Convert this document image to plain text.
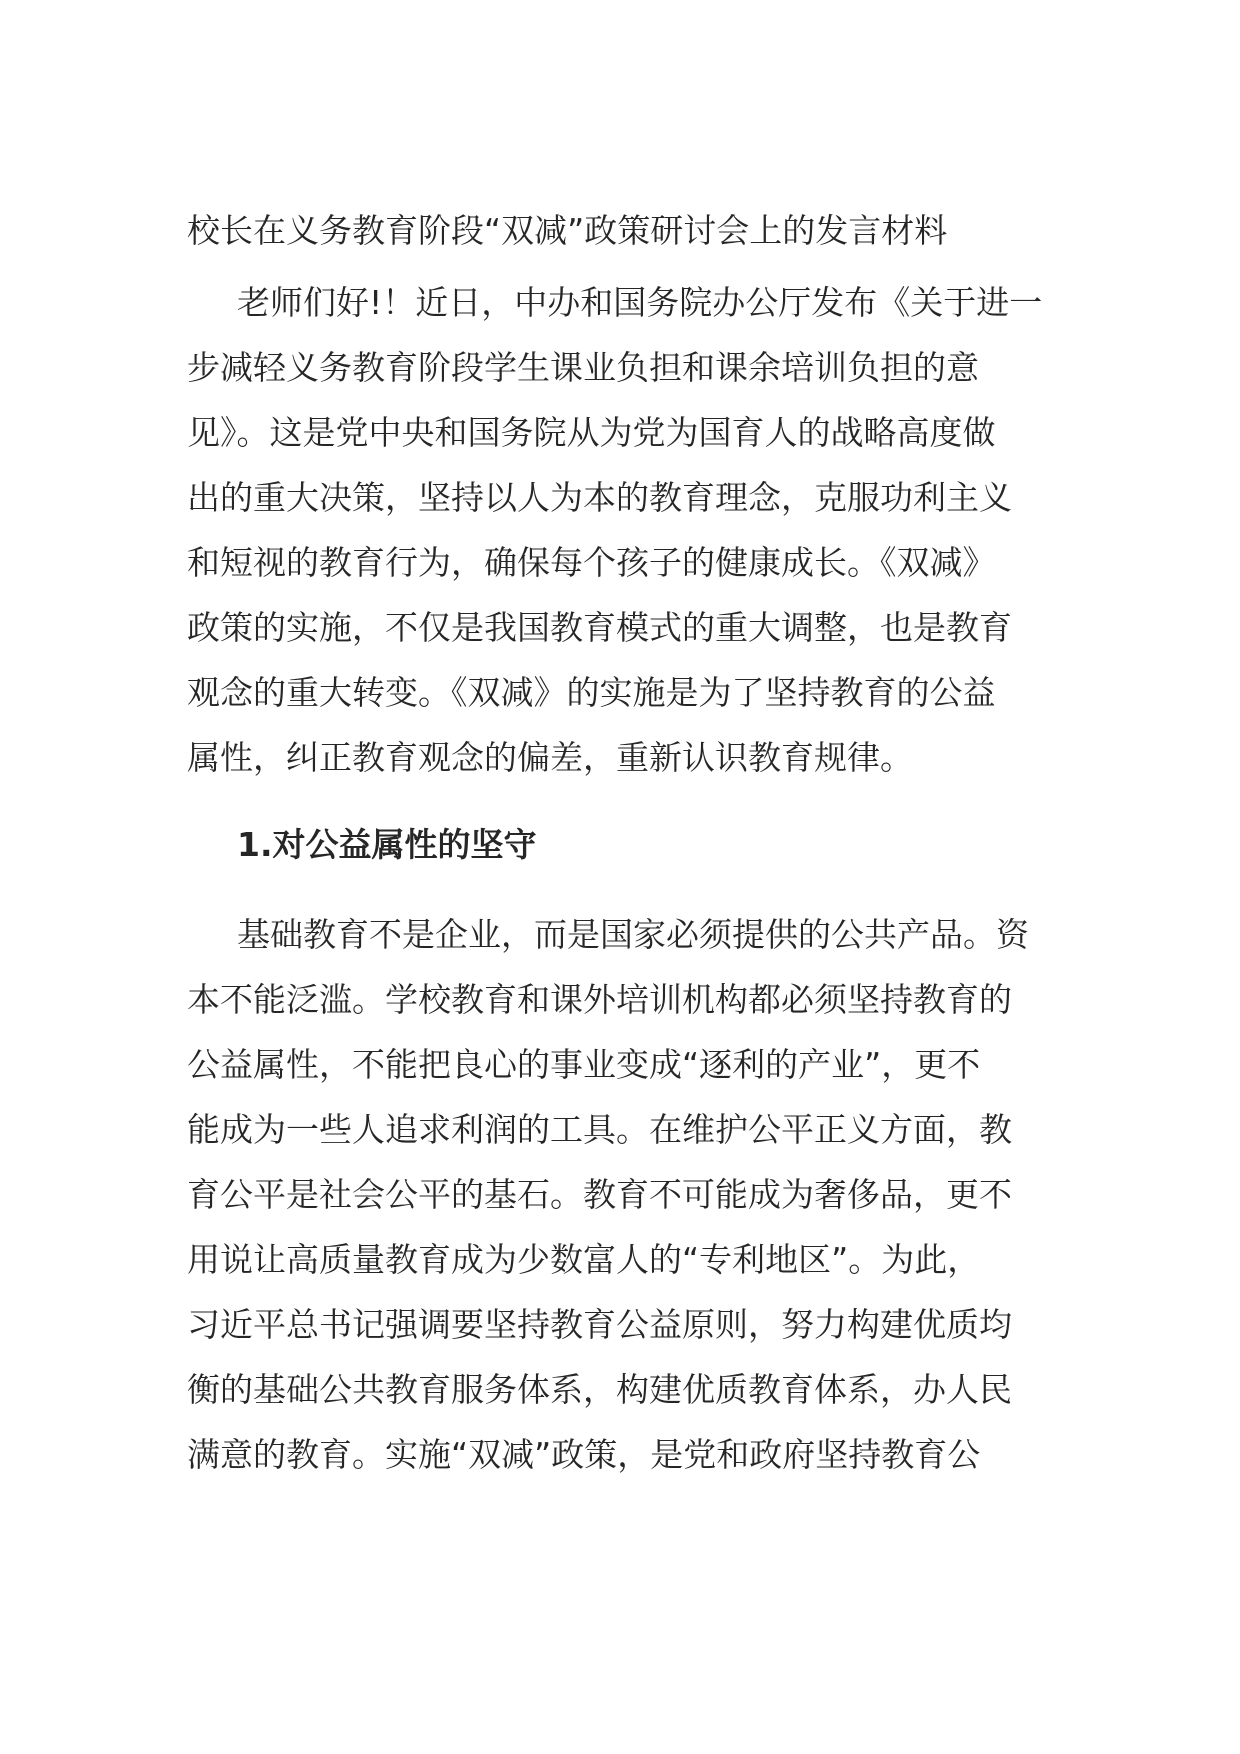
校长在义务教育阶段“双减”政策研讨会上的发言材料

老师们好!！近日，中办和国务院办公厅发布《关于进一
步减轻义务教育阶段学生课业负担和课余培训负担的意
见》。这是党中央和国务院从为党为国育人的战略高度做
出的重大决策，坚持以人为本的教育理念，克服功利主义
和短视的教育行为，确保每个孩子的健康成长。《双减》
政策的实施，不仅是我国教育模式的重大调整，也是教育
观念的重大转变。《双减》的实施是为了坚持教育的公益
属性，纠正教育观念的偏差，重新认识教育规律。

1.对公益属性的坚守

基础教育不是企业，而是国家必须提供的公共产品。资
本不能泛滥。学校教育和课外培训机构都必须坚持教育的
公益属性，不能把良心的事业变成“逐利的产业”，更不
能成为一些人追求利润的工具。在维护公平正义方面，教
育公平是社会公平的基石。教育不可能成为奢侈品，更不
用说让高质量教育成为少数富人的“专利地区”。为此，
习近平总书记强调要坚持教育公益原则，努力构建优质均
衡的基础公共教育服务体系，构建优质教育体系，办人民
满意的教育。实施“双减”政策，是党和政府坚持教育公
